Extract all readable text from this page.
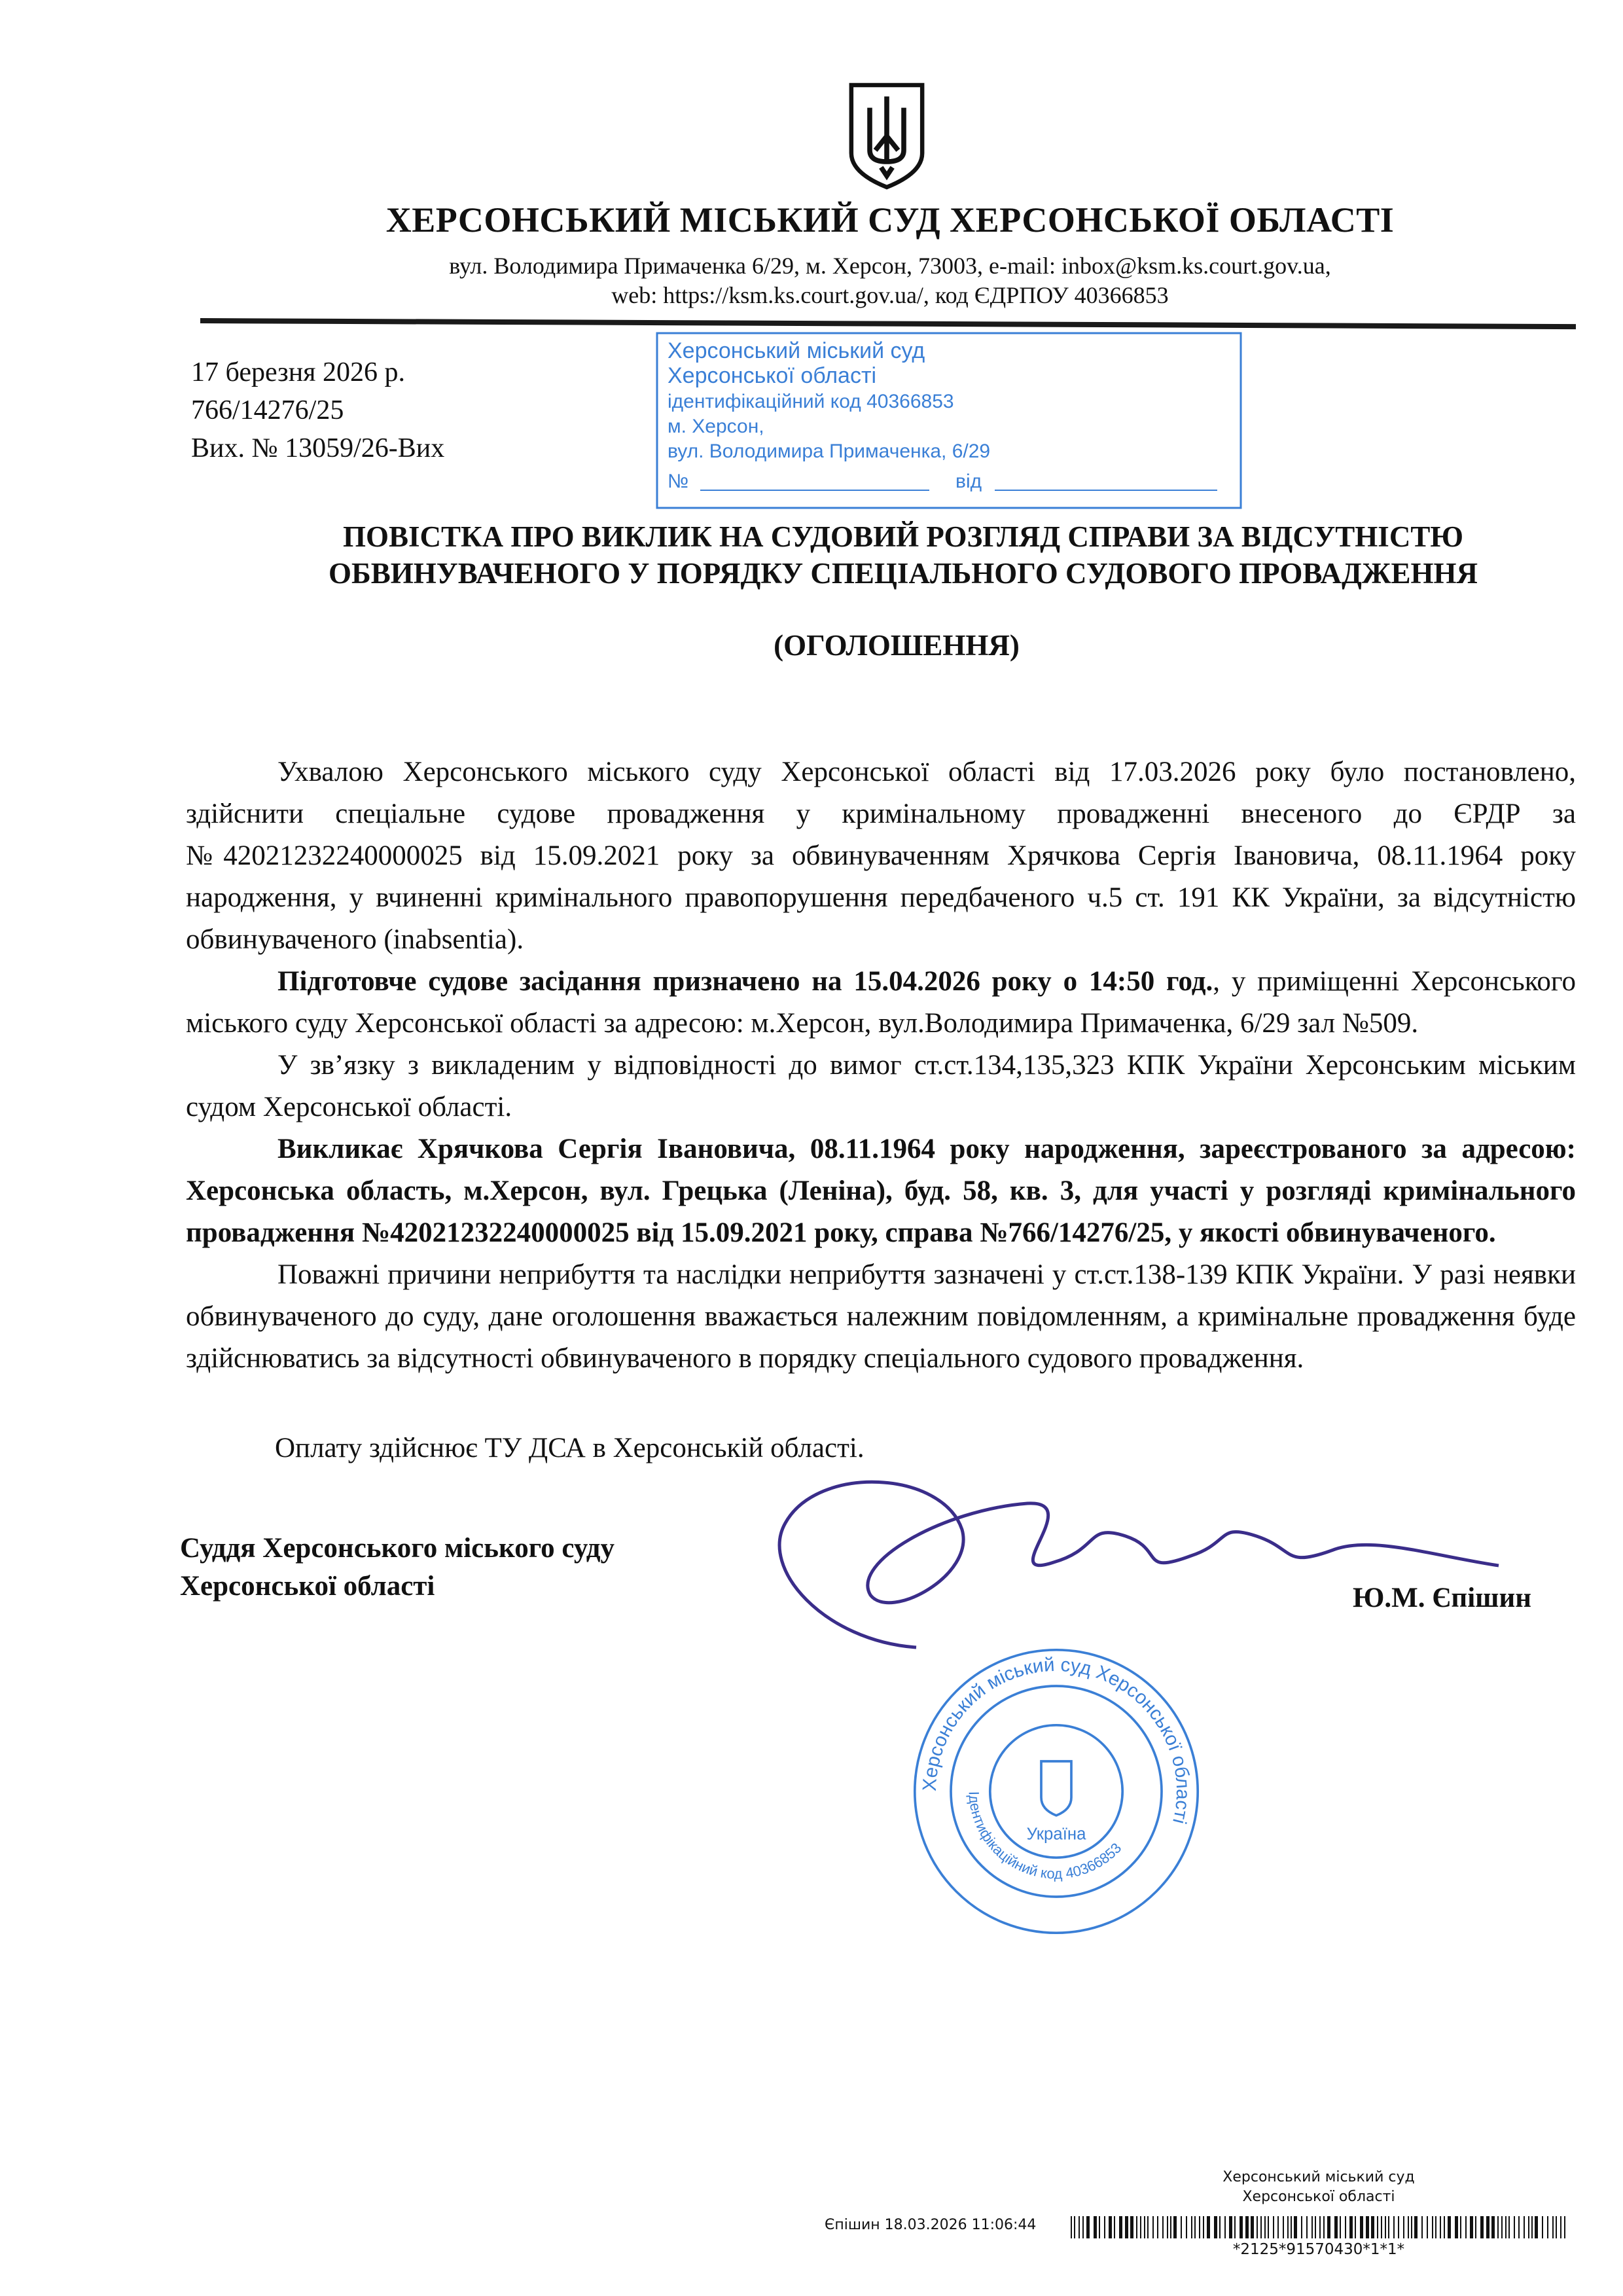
ХЕРСОНСЬКИЙ МІСЬКИЙ СУД ХЕРСОНСЬКОЇ ОБЛАСТІ
вул. Володимира Примаченка 6/29, м. Херсон, 73003, e-mail: inbox@ksm.ks.court.gov.ua,
web: https://ksm.ks.court.gov.ua/, код ЄДРПОУ 40366853
17 березня 2026 р.
766/14276/25
Вих. № 13059/26-Вих
Херсонський міський суд
Херсонської області
ідентифікаційний код 40366853
м. Херсон,
вул. Володимира Примаченка, 6/29
№	від
ПОВІСТКА ПРО ВИКЛИК НА СУДОВИЙ РОЗГЛЯД СПРАВИ ЗА ВІДСУТНІСТЮ
ОБВИНУВАЧЕНОГО У ПОРЯДКУ СПЕЦІАЛЬНОГО СУДОВОГО ПРОВАДЖЕННЯ
(ОГОЛОШЕННЯ)

Ухвалою Херсонського міського суду Херсонської області від 17.03.2026 року було постановлено, здійснити спеціальне судове провадження у кримінальному провадженні внесеного до ЄРДР за №42021232240000025 від 15.09.2021 року за обвинуваченням Хрячкова Сергія Івановича, 08.11.1964 року народження, у вчиненні кримінального правопорушення передбаченого ч.5 ст. 191 КК України, за відсутністю обвинуваченого (inabsentia).

Підготовче судове засідання призначено на 15.04.2026 року о 14:50 год., у приміщенні Херсонського міського суду Херсонської області за адресою: м.Херсон, вул.Володимира Примаченка, 6/29 зал №509.

У зв’язку з викладеним у відповідності до вимог ст.ст.134,135,323 КПК України Херсонським міським судом Херсонської області.

Викликає Хрячкова Сергія Івановича, 08.11.1964 року народження, зареєстрованого за адресою: Херсонська область, м.Херсон, вул. Грецька (Леніна), буд. 58, кв. 3, для участі у розгляді кримінального провадження №42021232240000025 від 15.09.2021 року, справа №766/14276/25, у якості обвинуваченого.

Поважні причини неприбуття та наслідки неприбуття зазначені у ст.ст.138-139 КПК України. У разі неявки обвинуваченого до суду, дане оголошення вважається належним повідомленням, а кримінальне провадження буде здійснюватись за відсутності обвинуваченого в порядку спеціального судового провадження.

Оплату здійснює ТУ ДСА в Херсонській області.
Суддя Херсонського міського суду
Херсонської області	Ю.М. Єпішин
Херсонський міський суд Херсонської області
Ідентифікаційний код 40366853
Україна
Херсонський міський суд
Херсонської області
Єпішин 18.03.2026 11:06:44
*2125*91570430*1*1*
